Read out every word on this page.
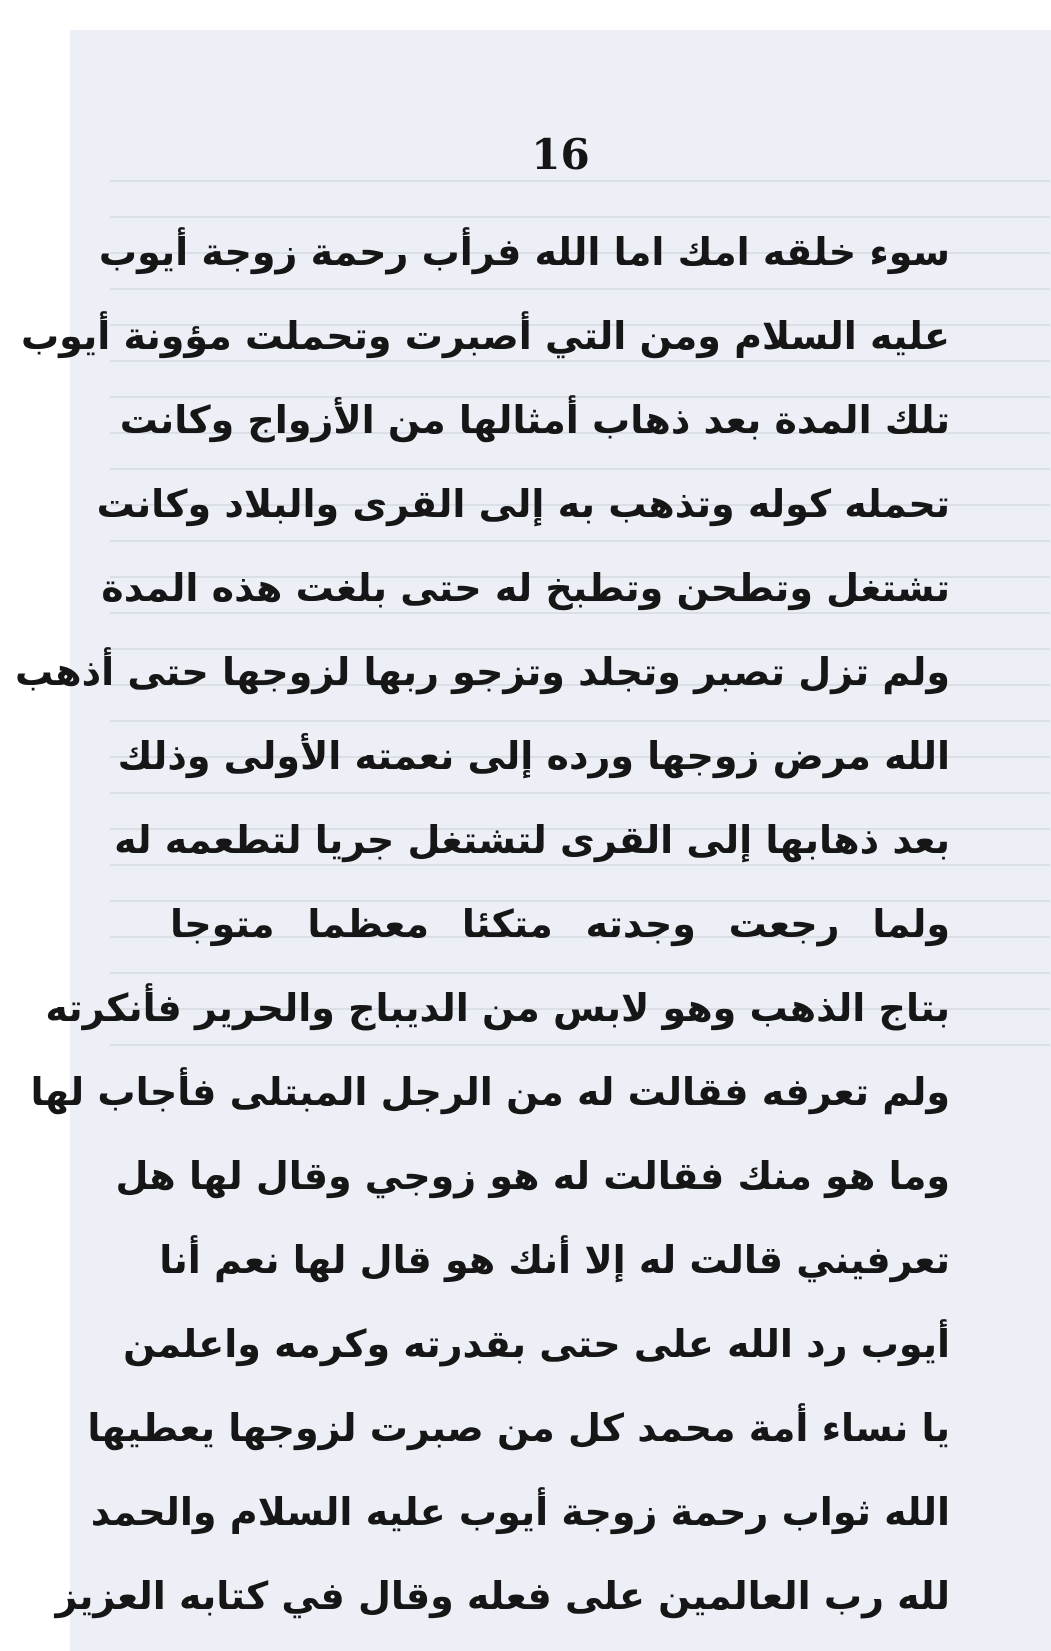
16
سوء خلقه امك اما الله فرأب رحمة زوجة أيوب
عليه السلام ومن التي أصبرت وتحملت مؤونة أيوب
تلك المدة بعد ذهاب أمثالها من الأزواج وكانت
تحمله كوله وتذهب به إلى القرى والبلاد وكانت
تشتغل وتطحن وتطبخ له حتى بلغت هذه المدة
ولم تزل تصبر وتجلد وتزجو ربها لزوجها حتى أذهب
الله مرض زوجها ورده إلى نعمته الأولى وذلك
بعد ذهابها إلى القرى لتشتغل جريا لتطعمه له
ولما رجعت وجدته متكئا معظما متوجا
بتاج الذهب وهو لابس من الديباج والحرير فأنكرته
ولم تعرفه فقالت له من الرجل المبتلى فأجاب لها
وما هو منك فقالت له هو زوجي وقال لها هل
تعرفيني قالت له إلا أنك هو قال لها نعم أنا
أيوب رد الله على حتى بقدرته وكرمه واعلمن
يا نساء أمة محمد كل من صبرت لزوجها يعطيها
الله ثواب رحمة زوجة أيوب عليه السلام والحمد
لله رب العالمين على فعله وقال في كتابه العزيز
